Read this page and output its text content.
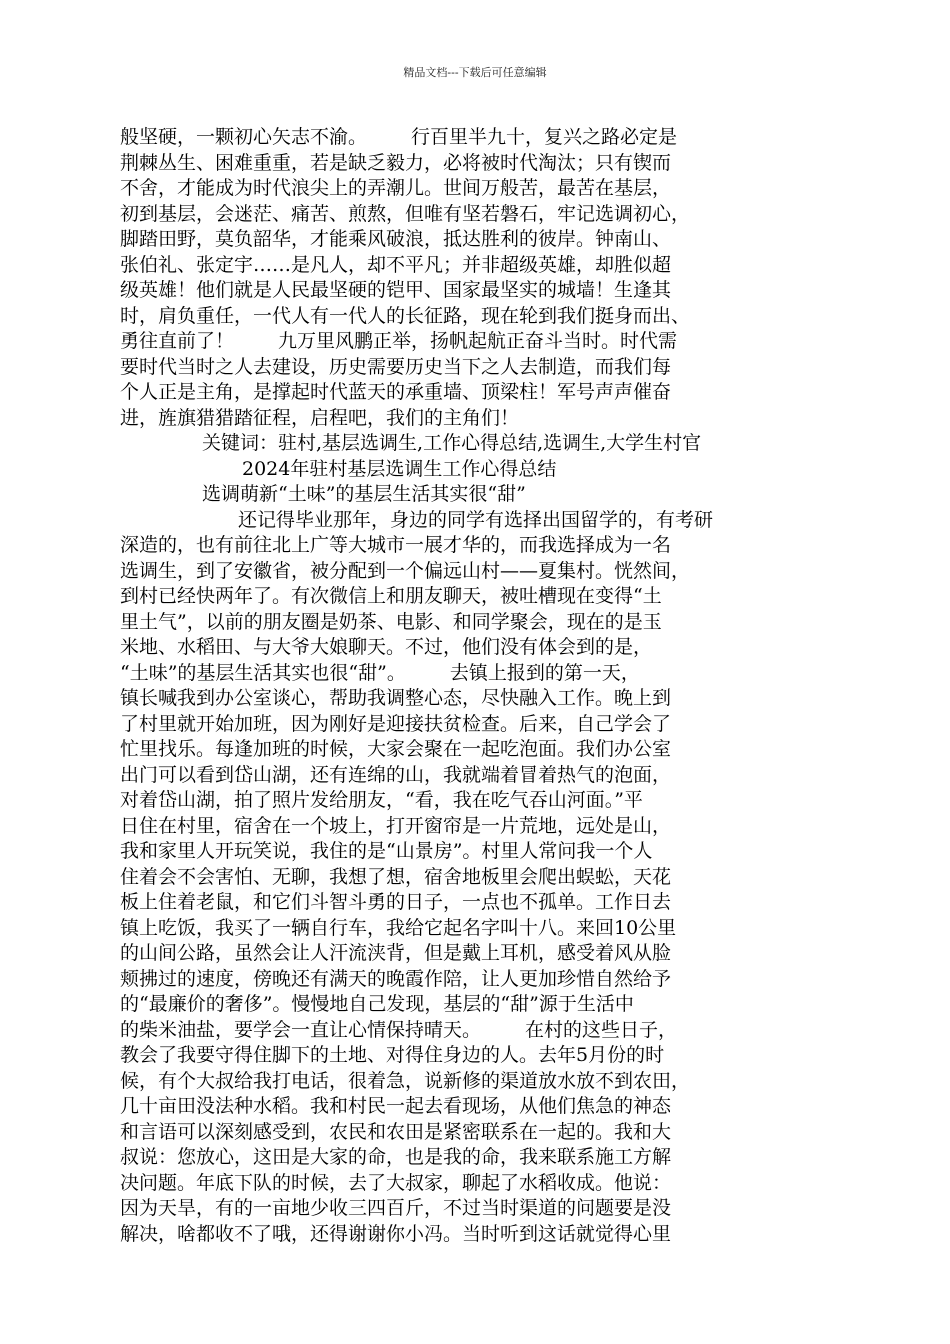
精品文档---下载后可任意编辑
般坚硬，一颗初心矢志不渝。 　　行百里半九十，复兴之路必定是
荆棘丛生、困难重重，若是缺乏毅力，必将被时代淘汰；只有锲而
不舍，才能成为时代浪尖上的弄潮儿。世间万般苦，最苦在基层，
初到基层，会迷茫、痛苦、煎熬，但唯有坚若磐石，牢记选调初心，
脚踏田野，莫负韶华，才能乘风破浪，抵达胜利的彼岸。钟南山、
张伯礼、张定宇……是凡人，却不平凡；并非超级英雄，却胜似超
级英雄！他们就是人民最坚硬的铠甲、国家最坚实的城墙！生逢其
时，肩负重任，一代人有一代人的长征路，现在轮到我们挺身而出、
勇往直前了！ 　　九万里风鹏正举，扬帆起航正奋斗当时。时代需
要时代当时之人去建设，历史需要历史当下之人去制造，而我们每
个人正是主角，是撑起时代蓝天的承重墙、顶梁柱！军号声声催奋
进，旌旗猎猎踏征程，启程吧，我们的主角们！
关键词：驻村,基层选调生,工作心得总结,选调生,大学生村官
2024年驻村基层选调生工作心得总结
选调萌新“土味”的基层生活其实很“甜”
还记得毕业那年，身边的同学有选择出国留学的，有考研
深造的，也有前往北上广等大城市一展才华的，而我选择成为一名
选调生，到了安徽省，被分配到一个偏远山村——夏集村。恍然间，
到村已经快两年了。有次微信上和朋友聊天，被吐槽现在变得“土
里土气”，以前的朋友圈是奶茶、电影、和同学聚会，现在的是玉
米地、水稻田、与大爷大娘聊天。不过，他们没有体会到的是，
“土味”的基层生活其实也很“甜”。 　　去镇上报到的第一天，
镇长喊我到办公室谈心，帮助我调整心态，尽快融入工作。晚上到
了村里就开始加班，因为刚好是迎接扶贫检查。后来，自己学会了
忙里找乐。每逢加班的时候，大家会聚在一起吃泡面。我们办公室
出门可以看到岱山湖，还有连绵的山，我就端着冒着热气的泡面，
对着岱山湖，拍了照片发给朋友，“看，我在吃气吞山河面。”平
日住在村里，宿舍在一个坡上，打开窗帘是一片荒地，远处是山，
我和家里人开玩笑说，我住的是“山景房”。村里人常问我一个人
住着会不会害怕、无聊，我想了想，宿舍地板里会爬出蜈蚣，天花
板上住着老鼠，和它们斗智斗勇的日子，一点也不孤单。工作日去
镇上吃饭，我买了一辆自行车，我给它起名字叫十八。来回10公里
的山间公路，虽然会让人汗流浃背，但是戴上耳机，感受着风从脸
颊拂过的速度，傍晚还有满天的晚霞作陪，让人更加珍惜自然给予
的“最廉价的奢侈”。慢慢地自己发现，基层的“甜”源于生活中
的柴米油盐，要学会一直让心情保持晴天。 　　在村的这些日子，
教会了我要守得住脚下的土地、对得住身边的人。去年5月份的时
候，有个大叔给我打电话，很着急，说新修的渠道放水放不到农田，
几十亩田没法种水稻。我和村民一起去看现场，从他们焦急的神态
和言语可以深刻感受到，农民和农田是紧密联系在一起的。我和大
叔说：您放心，这田是大家的命，也是我的命，我来联系施工方解
决问题。年底下队的时候，去了大叔家，聊起了水稻收成。他说：
因为天旱，有的一亩地少收三四百斤，不过当时渠道的问题要是没
解决，啥都收不了哦，还得谢谢你小冯。当时听到这话就觉得心里
